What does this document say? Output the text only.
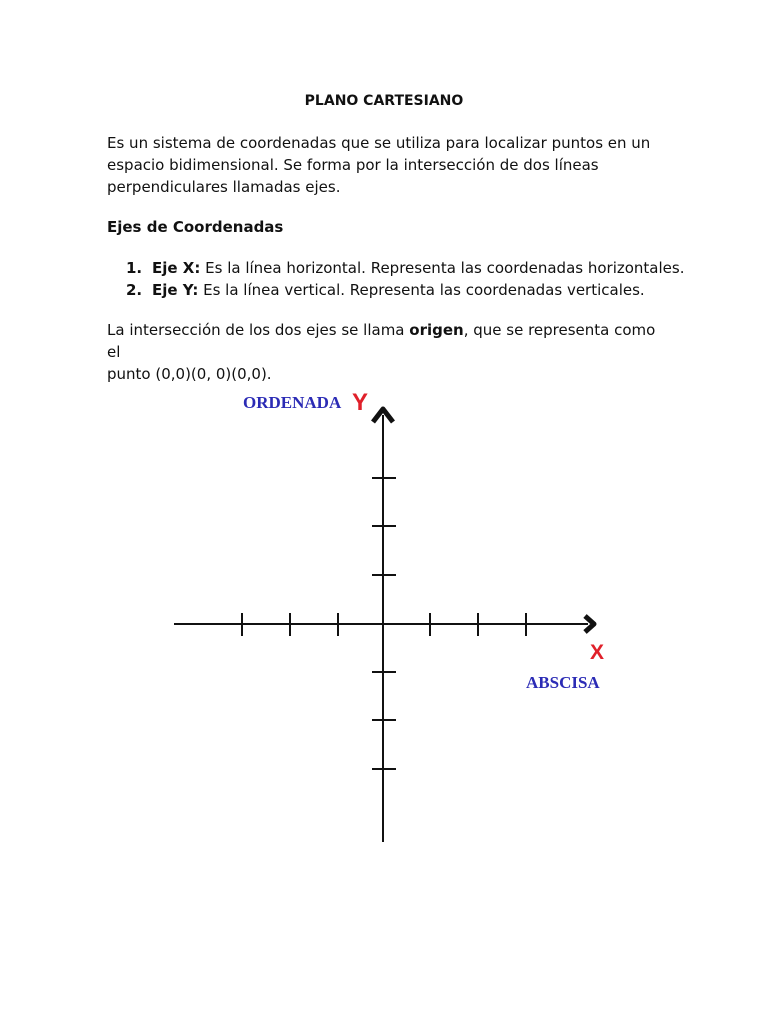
PLANO CARTESIANO

Es un sistema de coordenadas que se utiliza para localizar puntos en un
espacio bidimensional. Se forma por la intersección de dos líneas
perpendiculares llamadas ejes.

Ejes de Coordenadas
1. Eje X: Es la línea horizontal. Representa las coordenadas horizontales.
2. Eje Y: Es la línea vertical. Representa las coordenadas verticales.

La intersección de los dos ejes se llama origen, que se representa como el
punto (0,0)(0, 0)(0,0).

ORDENADA Y
X
ABSCISA
